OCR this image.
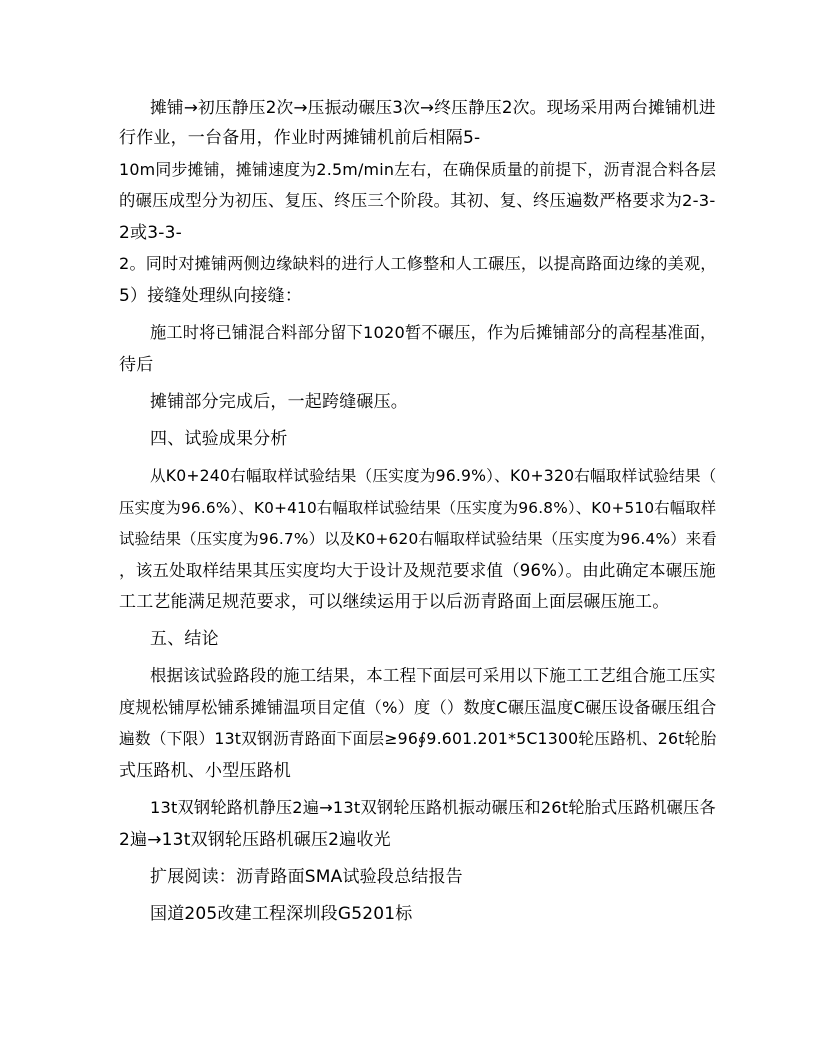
摊铺→初压静压2次→压振动碾压3次→终压静压2次。现场采用两台摊铺机进
行作业，一台备用，作业时两摊铺机前后相隔5-
10m同步摊铺，摊铺速度为2.5m/min左右，在确保质量的前提下，沥青混合料各层
的碾压成型分为初压、复压、终压三个阶段。其初、复、终压遍数严格要求为2-3-
2或3-3-
2。同时对摊铺两侧边缘缺料的进行人工修整和人工碾压，以提高路面边缘的美观，
5）接缝处理纵向接缝：
施工时将已铺混合料部分留下1020暂不碾压，作为后摊铺部分的高程基准面，
待后
摊铺部分完成后，一起跨缝碾压。
四、试验成果分析
从K0+240右幅取样试验结果（压实度为96.9%）、K0+320右幅取样试验结果（
压实度为96.6%）、K0+410右幅取样试验结果（压实度为96.8%）、K0+510右幅取样
试验结果（压实度为96.7%）以及K0+620右幅取样试验结果（压实度为96.4%）来看
，该五处取样结果其压实度均大于设计及规范要求值（96%）。由此确定本碾压施
工工艺能满足规范要求，可以继续运用于以后沥青路面上面层碾压施工。
五、结论
根据该试验路段的施工结果，本工程下面层可采用以下施工工艺组合施工压实
度规松铺厚松铺系摊铺温项目定值（%）度（）数度C碾压温度C碾压设备碾压组合
遍数（下限）13t双钢沥青路面下面层≥96∮9.601.201*5C1300轮压路机、26t轮胎
式压路机、小型压路机
13t双钢轮路机静压2遍→13t双钢轮压路机振动碾压和26t轮胎式压路机碾压各
2遍→13t双钢轮压路机碾压2遍收光
扩展阅读：沥青路面SMA试验段总结报告
国道205改建工程深圳段G5201标
